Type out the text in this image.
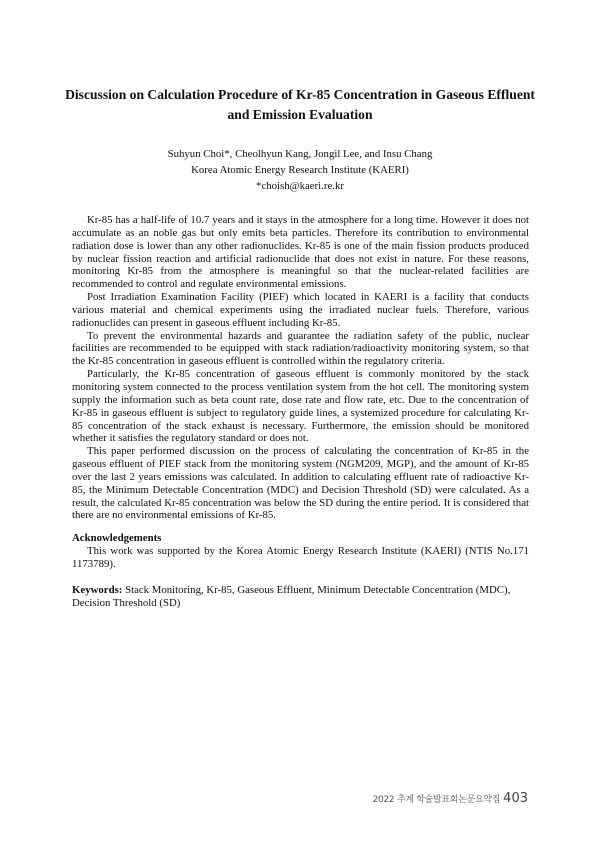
Discussion on Calculation Procedure of Kr-85 Concentration in Gaseous Effluent and Emission Evaluation

Suhyun Choi*, Cheolhyun Kang, Jongil Lee, and Insu Chang

Korea Atomic Energy Research Institute (KAERI)

*choish@kaeri.re.kr

Kr-85 has a half-life of 10.7 years and it stays in the atmosphere for a long time. However it does not accumulate as an noble gas but only emits beta particles. Therefore its contribution to environmental radiation dose is lower than any other radionuclides. Kr-85 is one of the main fission products produced by nuclear fission reaction and artificial radionuclide that does not exist in nature. For these reasons, monitoring Kr-85 from the atmosphere is meaningful so that the nuclear-related facilities are recommended to control and regulate environmental emissions.

Post Irradiation Examination Facility (PIEF) which located in KAERI is a facility that conducts various material and chemical experiments using the irradiated nuclear fuels. Therefore, various radionuclides can present in gaseous effluent including Kr-85.

To prevent the environmental hazards and guarantee the radiation safety of the public, nuclear facilities are recommended to be equipped with stack radiation/radioactivity monitoring system, so that the Kr-85 concentration in gaseous effluent is controlled within the regulatory criteria.

Particularly, the Kr-85 concentration of gaseous effluent is commonly monitored by the stack monitoring system connected to the process ventilation system from the hot cell. The monitoring system supply the information such as beta count rate, dose rate and flow rate, etc. Due to the concentration of Kr-85 in gaseous effluent is subject to regulatory guide lines, a systemized procedure for calculating Kr-85 concentration of the stack exhaust is necessary. Furthermore, the emission should be monitored whether it satisfies the regulatory standard or does not.

This paper performed discussion on the process of calculating the concentration of Kr-85 in the gaseous effluent of PIEF stack from the monitoring system (NGM209, MGP), and the amount of Kr-85 over the last 2 years emissions was calculated. In addition to calculating effluent rate of radioactive Kr-85, the Minimum Detectable Concentration (MDC) and Decision Threshold (SD) were calculated. As a result, the calculated Kr-85 concentration was below the SD during the entire period. It is considered that there are no environmental emissions of Kr-85.

Acknowledgements

This work was supported by the Korea Atomic Energy Research Institute (KAERI) (NTIS No.171 1173789).

Keywords: Stack Monitoring, Kr-85, Gaseous Effluent, Minimum Detectable Concentration (MDC), Decision Threshold (SD)

2022 추계 학술발표회논문요약집 403
